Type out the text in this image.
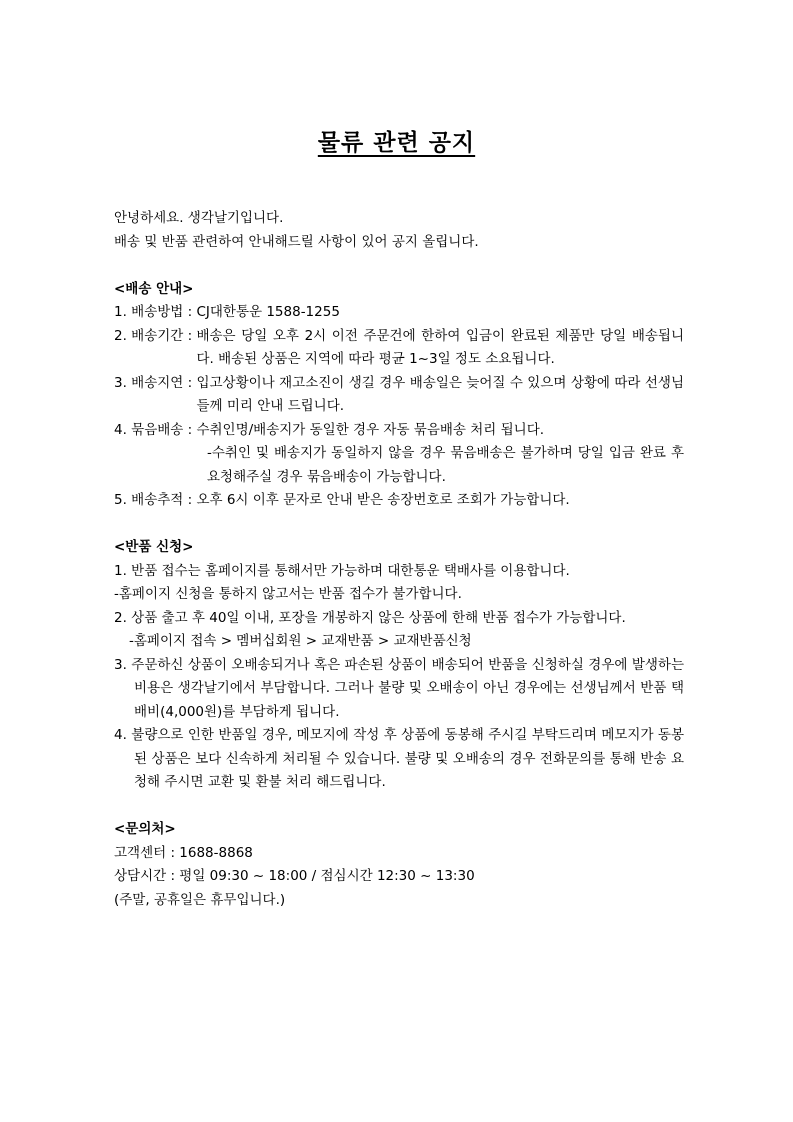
물류 관련 공지
안녕하세요. 생각날기입니다.
배송 및 반품 관련하여 안내해드릴 사항이 있어 공지 올립니다.
<배송 안내>
1. 배송방법 : CJ대한통운 1588-1255
2. 배송기간 : 배송은 당일 오후 2시 이전 주문건에 한하여 입금이 완료된 제품만 당일 배송됩니다. 배송된 상품은 지역에 따라 평균 1~3일 정도 소요됩니다.
3. 배송지연 : 입고상황이나 재고소진이 생길 경우 배송일은 늦어질 수 있으며 상황에 따라 선생님들께 미리 안내 드립니다.
4. 묶음배송 : 수취인명/배송지가 동일한 경우 자동 묶음배송 처리 됩니다.
-수취인 및 배송지가 동일하지 않을 경우 묶음배송은 불가하며 당일 입금 완료 후 요청해주실 경우 묶음배송이 가능합니다.
5. 배송추적 : 오후 6시 이후 문자로 안내 받은 송장번호로 조회가 가능합니다.
<반품 신청>
1. 반품 접수는 홈페이지를 통해서만 가능하며 대한통운 택배사를 이용합니다.
-홈페이지 신청을 통하지 않고서는 반품 접수가 불가합니다.
2. 상품 출고 후 40일 이내, 포장을 개봉하지 않은 상품에 한해 반품 접수가 가능합니다.
-홈페이지 접속 > 멤버십회원 > 교재반품 > 교재반품신청
3. 주문하신 상품이 오배송되거나 혹은 파손된 상품이 배송되어 반품을 신청하실 경우에 발생하는 비용은 생각날기에서 부담합니다. 그러나 불량 및 오배송이 아닌 경우에는 선생님께서 반품 택배비(4,000원)를 부담하게 됩니다.
4. 불량으로 인한 반품일 경우, 메모지에 작성 후 상품에 동봉해 주시길 부탁드리며 메모지가 동봉된 상품은 보다 신속하게 처리될 수 있습니다. 불량 및 오배송의 경우 전화문의를 통해 반송 요청해 주시면 교환 및 환불 처리 해드립니다.
<문의처>
고객센터 : 1688-8868
상담시간 : 평일 09:30 ~ 18:00 / 점심시간 12:30 ~ 13:30
(주말, 공휴일은 휴무입니다.)
